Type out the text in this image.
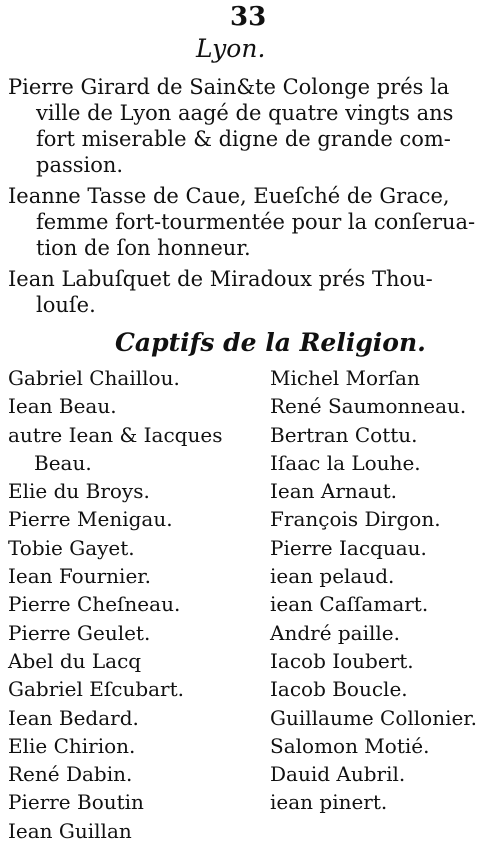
33
Lyon.
Pierre Girard de Sain&te Colonge prés la
ville de Lyon aagé de quatre vingts ans
fort miserable & digne de grande com-
passion.
Ieanne Tasse de Caue, Eueſché de Grace,
femme fort-tourmentée pour la conſerua-
tion de ſon honneur.
Iean Labuſquet de Miradoux prés Thou-
louſe.
Captifs de la Religion.
Gabriel Chaillou.
Iean Beau.
autre Iean & Iacques
Beau.
Elie du Broys.
Pierre Menigau.
Tobie Gayet.
Iean Fournier.
Pierre Cheſneau.
Pierre Geulet.
Abel du Lacq
Gabriel Eſcubart.
Iean Bedard.
Elie Chirion.
René Dabin.
Pierre Boutin
Iean Guillan
Michel Morſan
René Saumonneau.
Bertran Cottu.
Iſaac la Louhe.
Iean Arnaut.
François Dirgon.
Pierre Iacquau.
iean pelaud.
iean Caſſamart.
André paille.
Iacob Ioubert.
Iacob Boucle.
Guillaume Collonier.
Salomon Motié.
Dauid Aubril.
iean pinert.
